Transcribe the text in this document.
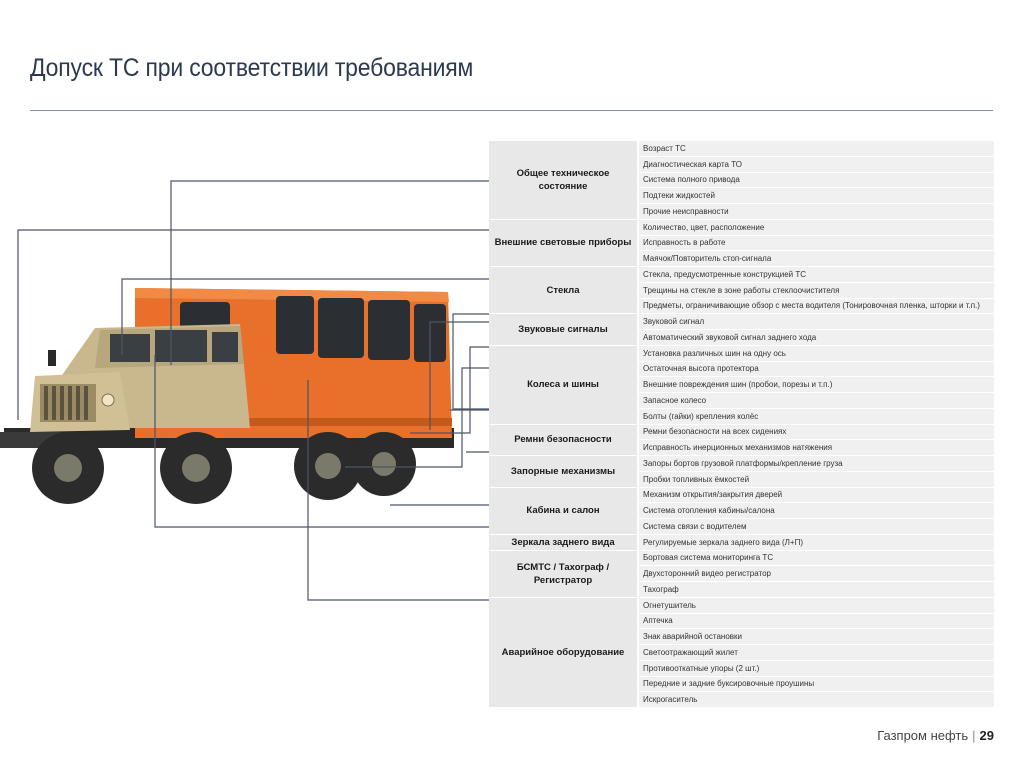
Допуск ТС при соответствии требованиям
Общее техническое состояние	Возраст ТС
	Диагностическая карта ТО
	Система полного привода
	Подтеки жидкостей
	Прочие неисправности
Внешние световые приборы	Количество, цвет, расположение
	Исправность в работе
	Маячок/Повторитель стоп-сигнала
Стекла	Стекла, предусмотренные конструкцией ТС
	Трещины на стекле в зоне работы стеклоочистителя
	Предметы, ограничивающие обзор с места водителя (Тонировочная пленка, шторки и т.п.)
Звуковые сигналы	Звуковой сигнал
	Автоматический звуковой сигнал заднего хода
Колеса и шины	Установка различных шин на одну ось
	Остаточная высота протектора
	Внешние повреждения шин (пробои, порезы и т.п.)
	Запасное колесо
	Болты (гайки) крепления колёс
Ремни безопасности	Ремни безопасности на всех сидениях
	Исправность инерционных механизмов натяжения
Запорные механизмы	Запоры бортов грузовой платформы/крепление груза
	Пробки топливных ёмкостей
Кабина и салон	Механизм открытия/закрытия дверей
	Система отопления кабины/салона
	Система связи с водителем
Зеркала заднего вида	Регулируемые зеркала заднего вида (Л+П)
БСМТС / Тахограф / Регистратор	Бортовая система мониторинга ТС
	Двухсторонний видео регистратор
	Тахограф
Аварийное оборудование	Огнетушитель
	Аптечка
	Знак аварийной остановки
	Светоотражающий жилет
	Противооткатные упоры (2 шт.)
	Передние и задние буксировочные проушины
	Искрогаситель
Газпром нефть | 29
